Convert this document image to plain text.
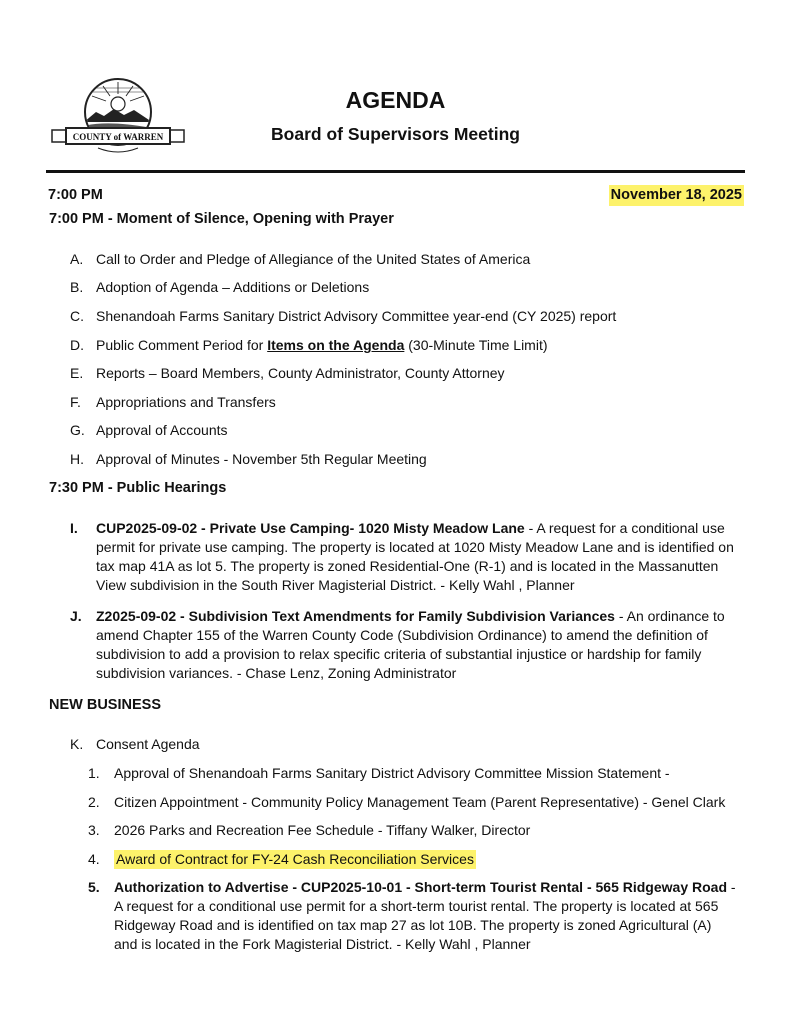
COUNTY of WARREN
AGENDA
Board of Supervisors Meeting
7:00 PM	November 18, 2025
7:00 PM - Moment of Silence, Opening with Prayer
A. Call to Order and Pledge of Allegiance of the United States of America
B. Adoption of Agenda – Additions or Deletions
C. Shenandoah Farms Sanitary District Advisory Committee year-end (CY 2025) report
D. Public Comment Period for Items on the Agenda (30-Minute Time Limit)
E. Reports – Board Members, County Administrator, County Attorney
F. Appropriations and Transfers
G. Approval of Accounts
H. Approval of Minutes - November 5th Regular Meeting
7:30 PM - Public Hearings
I. CUP2025-09-02 - Private Use Camping- 1020 Misty Meadow Lane - A request for a conditional use permit for private use camping. The property is located at 1020 Misty Meadow Lane and is identified on tax map 41A as lot 5. The property is zoned Residential-One (R-1) and is located in the Massanutten View subdivision in the South River Magisterial District. - Kelly Wahl , Planner
J. Z2025-09-02 - Subdivision Text Amendments for Family Subdivision Variances - An ordinance to amend Chapter 155 of the Warren County Code (Subdivision Ordinance) to amend the definition of subdivision to add a provision to relax specific criteria of substantial injustice or hardship for family subdivision variances. - Chase Lenz, Zoning Administrator
NEW BUSINESS
K. Consent Agenda
1. Approval of Shenandoah Farms Sanitary District Advisory Committee Mission Statement -
2. Citizen Appointment - Community Policy Management Team (Parent Representative) - Genel Clark
3. 2026 Parks and Recreation Fee Schedule - Tiffany Walker, Director
4. Award of Contract for FY-24 Cash Reconciliation Services
5. Authorization to Advertise - CUP2025-10-01 - Short-term Tourist Rental - 565 Ridgeway Road - A request for a conditional use permit for a short-term tourist rental. The property is located at 565 Ridgeway Road and is identified on tax map 27 as lot 10B. The property is zoned Agricultural (A) and is located in the Fork Magisterial District. - Kelly Wahl , Planner
